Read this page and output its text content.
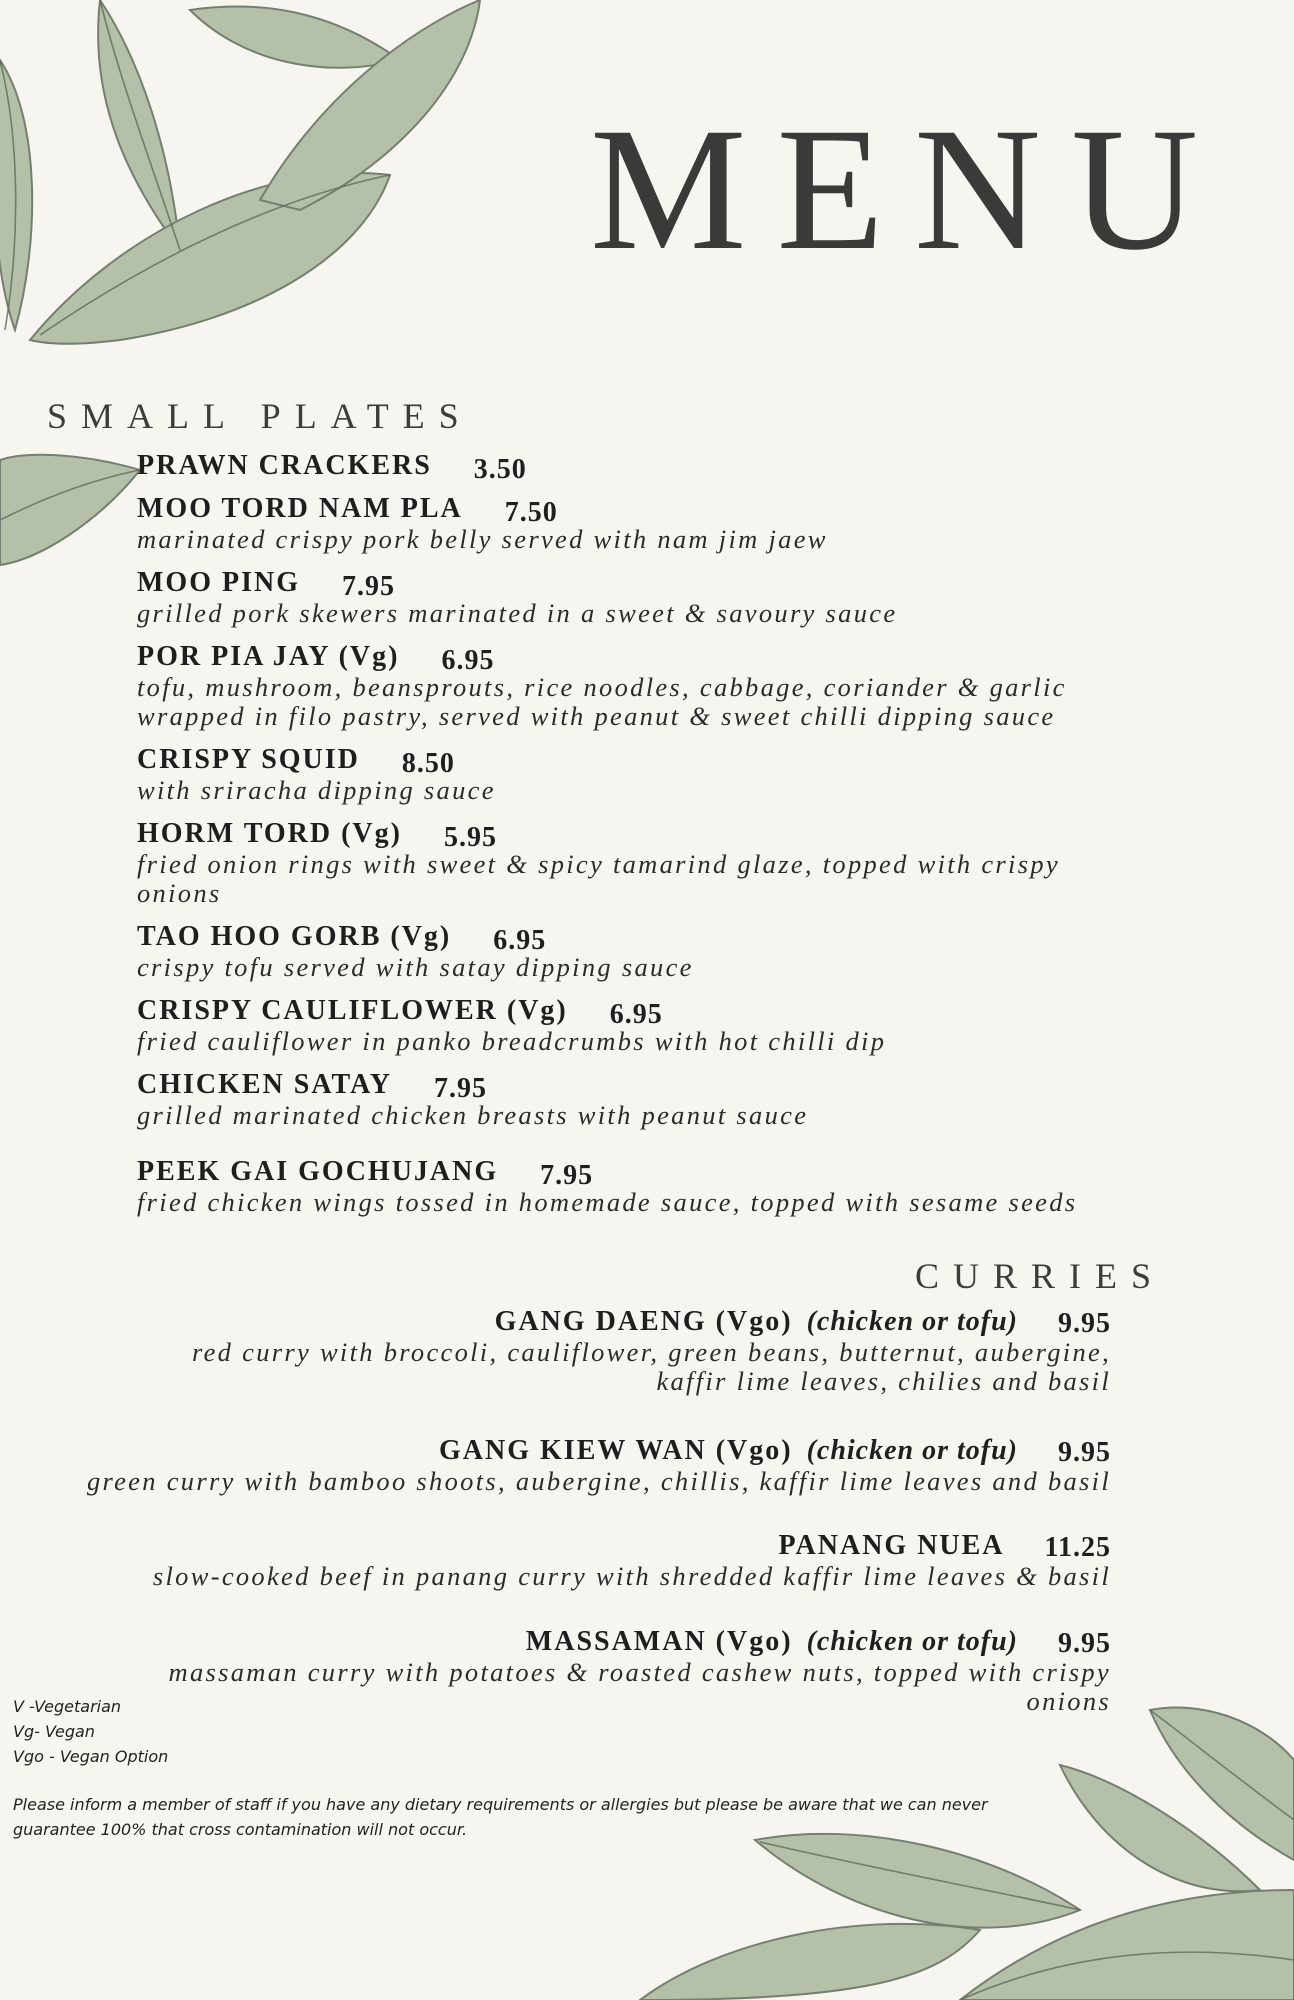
MENU
SMALL PLATES
PRAWN CRACKERS 3.50
MOO TORD NAM PLA 7.50
marinated crispy pork belly served with nam jim jaew
MOO PING 7.95
grilled pork skewers marinated in a sweet & savoury sauce
POR PIA JAY (Vg) 6.95
tofu, mushroom, beansprouts, rice noodles, cabbage, coriander & garlic
wrapped in filo pastry, served with peanut & sweet chilli dipping sauce
CRISPY SQUID 8.50
with sriracha dipping sauce
HORM TORD (Vg) 5.95
fried onion rings with sweet & spicy tamarind glaze, topped with crispy onions
TAO HOO GORB (Vg) 6.95
crispy tofu served with satay dipping sauce
CRISPY CAULIFLOWER (Vg) 6.95
fried cauliflower in panko breadcrumbs with hot chilli dip
CHICKEN SATAY 7.95
grilled marinated chicken breasts with peanut sauce
PEEK GAI GOCHUJANG 7.95
fried chicken wings tossed in homemade sauce, topped with sesame seeds
CURRIES
GANG DAENG (Vgo) (chicken or tofu) 9.95
red curry with broccoli, cauliflower, green beans, butternut, aubergine,
kaffir lime leaves, chilies and basil
GANG KIEW WAN (Vgo) (chicken or tofu) 9.95
green curry with bamboo shoots, aubergine, chillis, kaffir lime leaves and basil
PANANG NUEA 11.25
slow-cooked beef in panang curry with shredded kaffir lime leaves & basil
MASSAMAN (Vgo) (chicken or tofu) 9.95
massaman curry with potatoes & roasted cashew nuts, topped with crispy
onions
V -Vegetarian
Vg- Vegan
Vgo - Vegan Option
Please inform a member of staff if you have any dietary requirements or allergies but please be aware that we can never guarantee 100% that cross contamination will not occur.
